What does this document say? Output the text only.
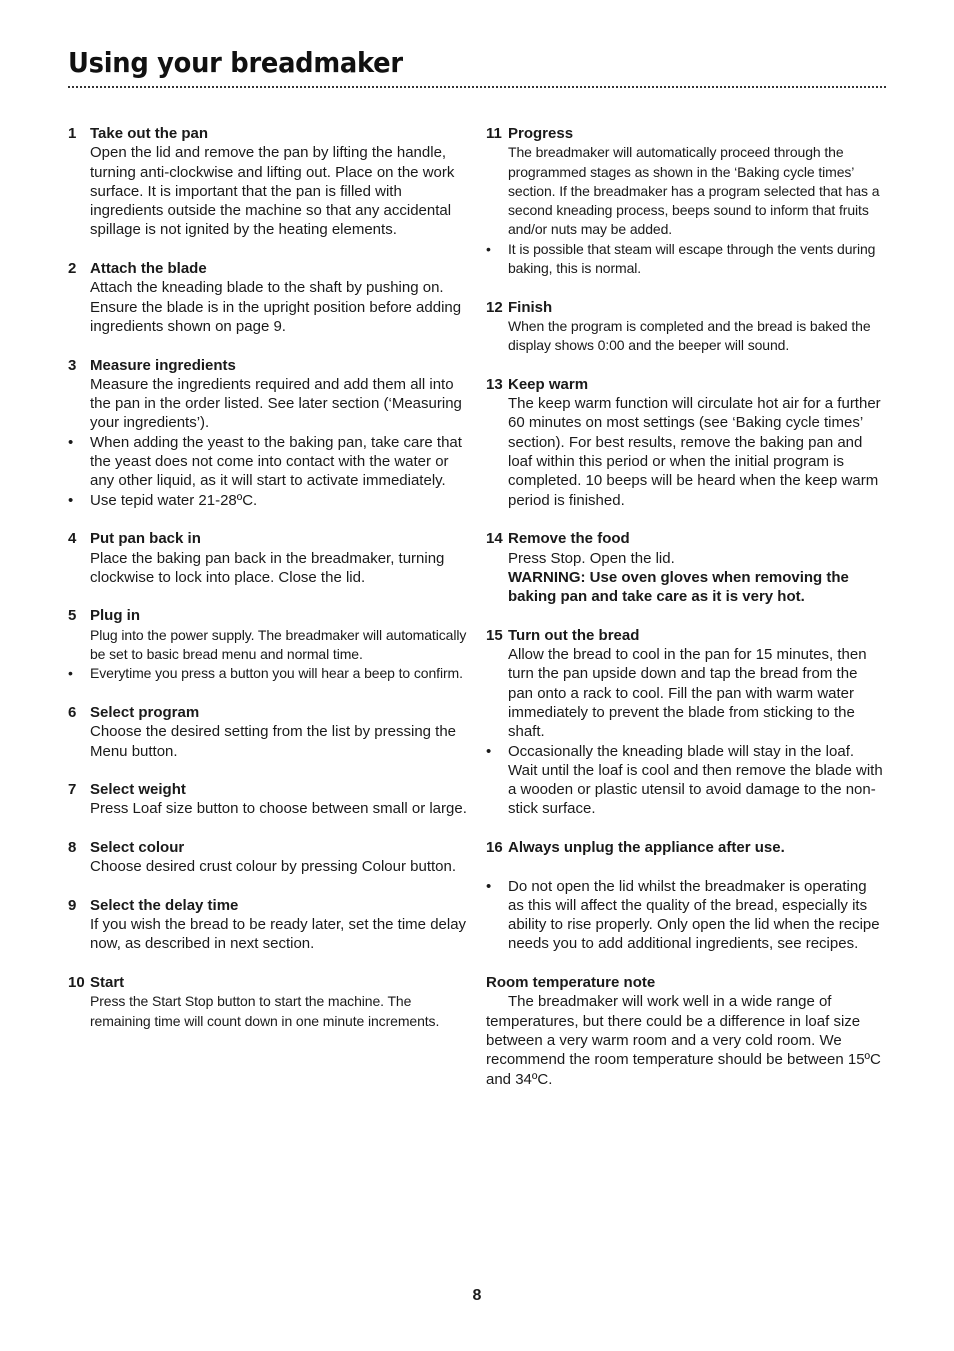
Using your breadmaker
1 Take out the pan
Open the lid and remove the pan by lifting the handle, turning anti-clockwise and lifting out. Place on the work surface. It is important that the pan is filled with ingredients outside the machine so that any accidental spillage is not ignited by the heating elements.
2 Attach the blade
Attach the kneading blade to the shaft by pushing on. Ensure the blade is in the upright position before adding ingredients shown on page 9.
3 Measure ingredients
Measure the ingredients required and add them all into the pan in the order listed. See later section (‘Measuring your ingredients’).
•	When adding the yeast to the baking pan, take care that the yeast does not come into contact with the water or any other liquid, as it will start to activate immediately.
•	Use tepid water 21-28ºC.
4 Put pan back in
Place the baking pan back in the breadmaker, turning clockwise to lock into place. Close the lid.
5 Plug in
Plug into the power supply. The breadmaker will automatically be set to basic bread menu and normal time.
•	Everytime you press a button you will hear a beep to confirm.
6 Select program
Choose the desired setting from the list by pressing the Menu button.
7 Select weight
Press Loaf size button to choose between small or large.
8 Select colour
Choose desired crust colour by pressing Colour button.
9 Select the delay time
If you wish the bread to be ready later, set the time delay now, as described in next section.
10 Start
Press the Start Stop button to start the machine. The remaining time will count down in one minute increments.
11 Progress
The breadmaker will automatically proceed through the programmed stages as shown in the ‘Baking cycle times’ section. If the breadmaker has a program selected that has a second kneading process, beeps sound to inform that fruits and/or nuts may be added.
•	It is possible that steam will escape through the vents during baking, this is normal.
12 Finish
When the program is completed and the bread is baked the display shows 0:00 and the beeper will sound.
13 Keep warm
The keep warm function will circulate hot air for a further 60 minutes on most settings (see ‘Baking cycle times’ section). For best results, remove the baking pan and loaf within this period or when the initial program is completed. 10 beeps will be heard when the keep warm period is finished.
14 Remove the food
Press Stop. Open the lid.
WARNING: Use oven gloves when removing the baking pan and take care as it is very hot.
15 Turn out the bread
Allow the bread to cool in the pan for 15 minutes, then turn the pan upside down and tap the bread from the pan onto a rack to cool. Fill the pan with warm water immediately to prevent the blade from sticking to the shaft.
•	Occasionally the kneading blade will stay in the loaf. Wait until the loaf is cool and then remove the blade with a wooden or plastic utensil to avoid damage to the non-stick surface.
16 Always unplug the appliance after use.
•	Do not open the lid whilst the breadmaker is operating as this will affect the quality of the bread, especially its ability to rise properly. Only open the lid when the recipe needs you to add additional ingredients, see recipes.
Room temperature note
The breadmaker will work well in a wide range of temperatures, but there could be a difference in loaf size between a very warm room and a very cold room. We recommend the room temperature should be between 15ºC and 34ºC.
8
